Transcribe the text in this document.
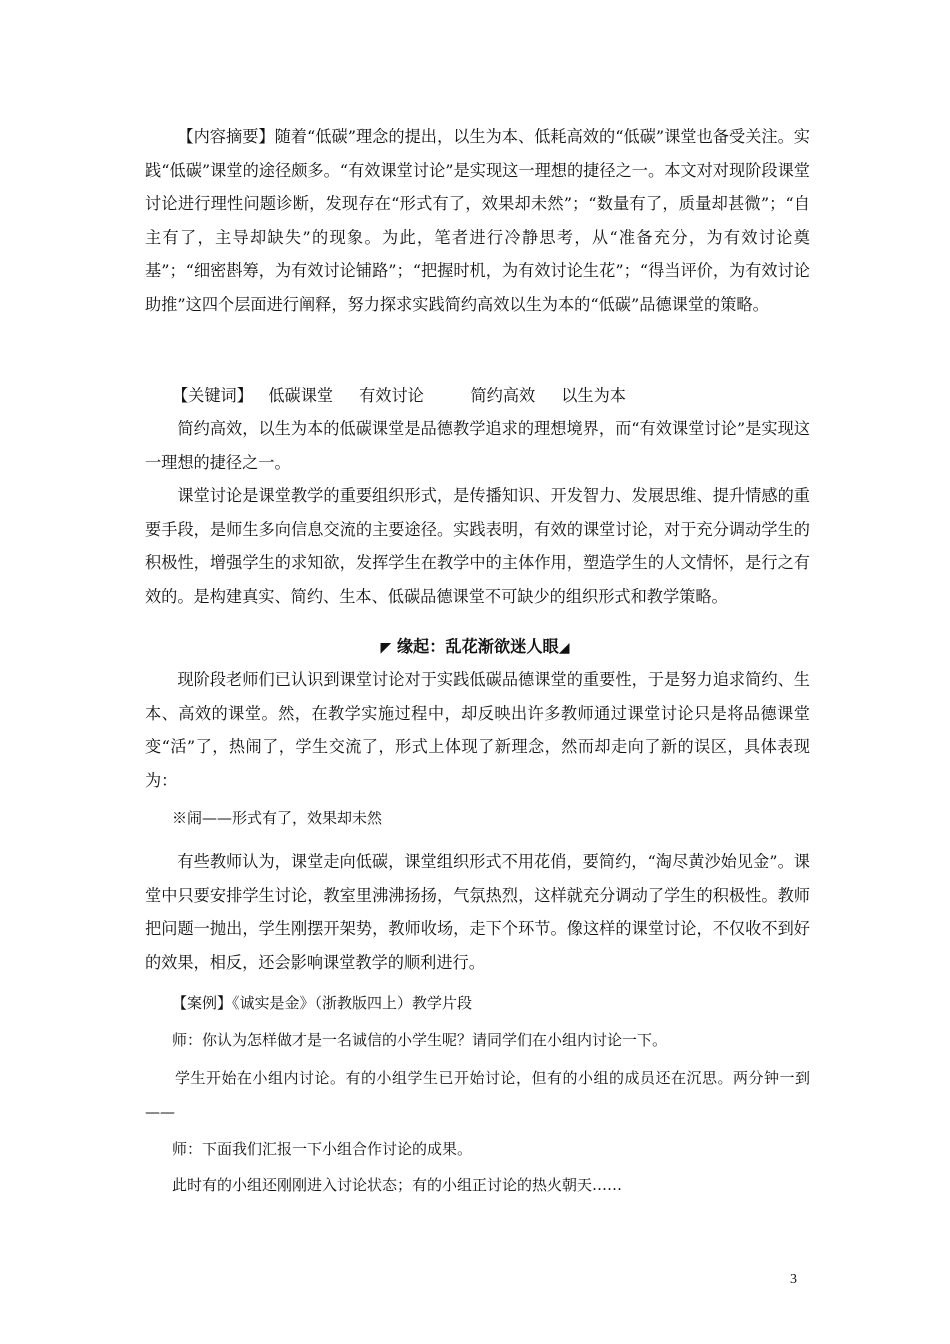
【内容摘要】随着“低碳”理念的提出，以生为本、低耗高效的“低碳”课堂也备受关注。实践“低碳”课堂的途径颇多。“有效课堂讨论”是实现这一理想的捷径之一。本文对对现阶段课堂讨论进行理性问题诊断，发现存在“形式有了，效果却未然”；“数量有了，质量却甚微”；“自主有了，主导却缺失”的现象。为此，笔者进行冷静思考，从“准备充分，为有效讨论奠基”；“细密斟筹，为有效讨论铺路”；“把握时机，为有效讨论生花”；“得当评价，为有效讨论助推”这四个层面进行阐释，努力探求实践简约高效以生为本的“低碳”品德课堂的策略。

【关键词】 低碳课堂 有效讨论	简约高效 以生为本

简约高效，以生为本的低碳课堂是品德教学追求的理想境界，而“有效课堂讨论”是实现这一理想的捷径之一。

课堂讨论是课堂教学的重要组织形式，是传播知识、开发智力、发展思维、提升情感的重要手段，是师生多向信息交流的主要途径。实践表明，有效的课堂讨论，对于充分调动学生的积极性，增强学生的求知欲，发挥学生在教学中的主体作用，塑造学生的人文情怀，是行之有效的。是构建真实、简约、生本、低碳品德课堂不可缺少的组织形式和教学策略。

◤ 缘起：乱花渐欲迷人眼◢

现阶段老师们已认识到课堂讨论对于实践低碳品德课堂的重要性，于是努力追求简约、生本、高效的课堂。然，在教学实施过程中，却反映出许多教师通过课堂讨论只是将品德课堂变“活”了，热闹了，学生交流了，形式上体现了新理念，然而却走向了新的误区，具体表现为：

※闹——形式有了，效果却未然

有些教师认为，课堂走向低碳，课堂组织形式不用花俏，要简约，“淘尽黄沙始见金”。课堂中只要安排学生讨论，教室里沸沸扬扬，气氛热烈，这样就充分调动了学生的积极性。教师把问题一抛出，学生刚摆开架势，教师收场，走下个环节。像这样的课堂讨论，不仅收不到好的效果，相反，还会影响课堂教学的顺利进行。

【案例】《诚实是金》（浙教版四上）教学片段
师：你认为怎样做才是一名诚信的小学生呢？请同学们在小组内讨论一下。

学生开始在小组内讨论。有的小组学生已开始讨论，但有的小组的成员还在沉思。两分钟一到——

师：下面我们汇报一下小组合作讨论的成果。
此时有的小组还刚刚进入讨论状态；有的小组正讨论的热火朝天……
3
